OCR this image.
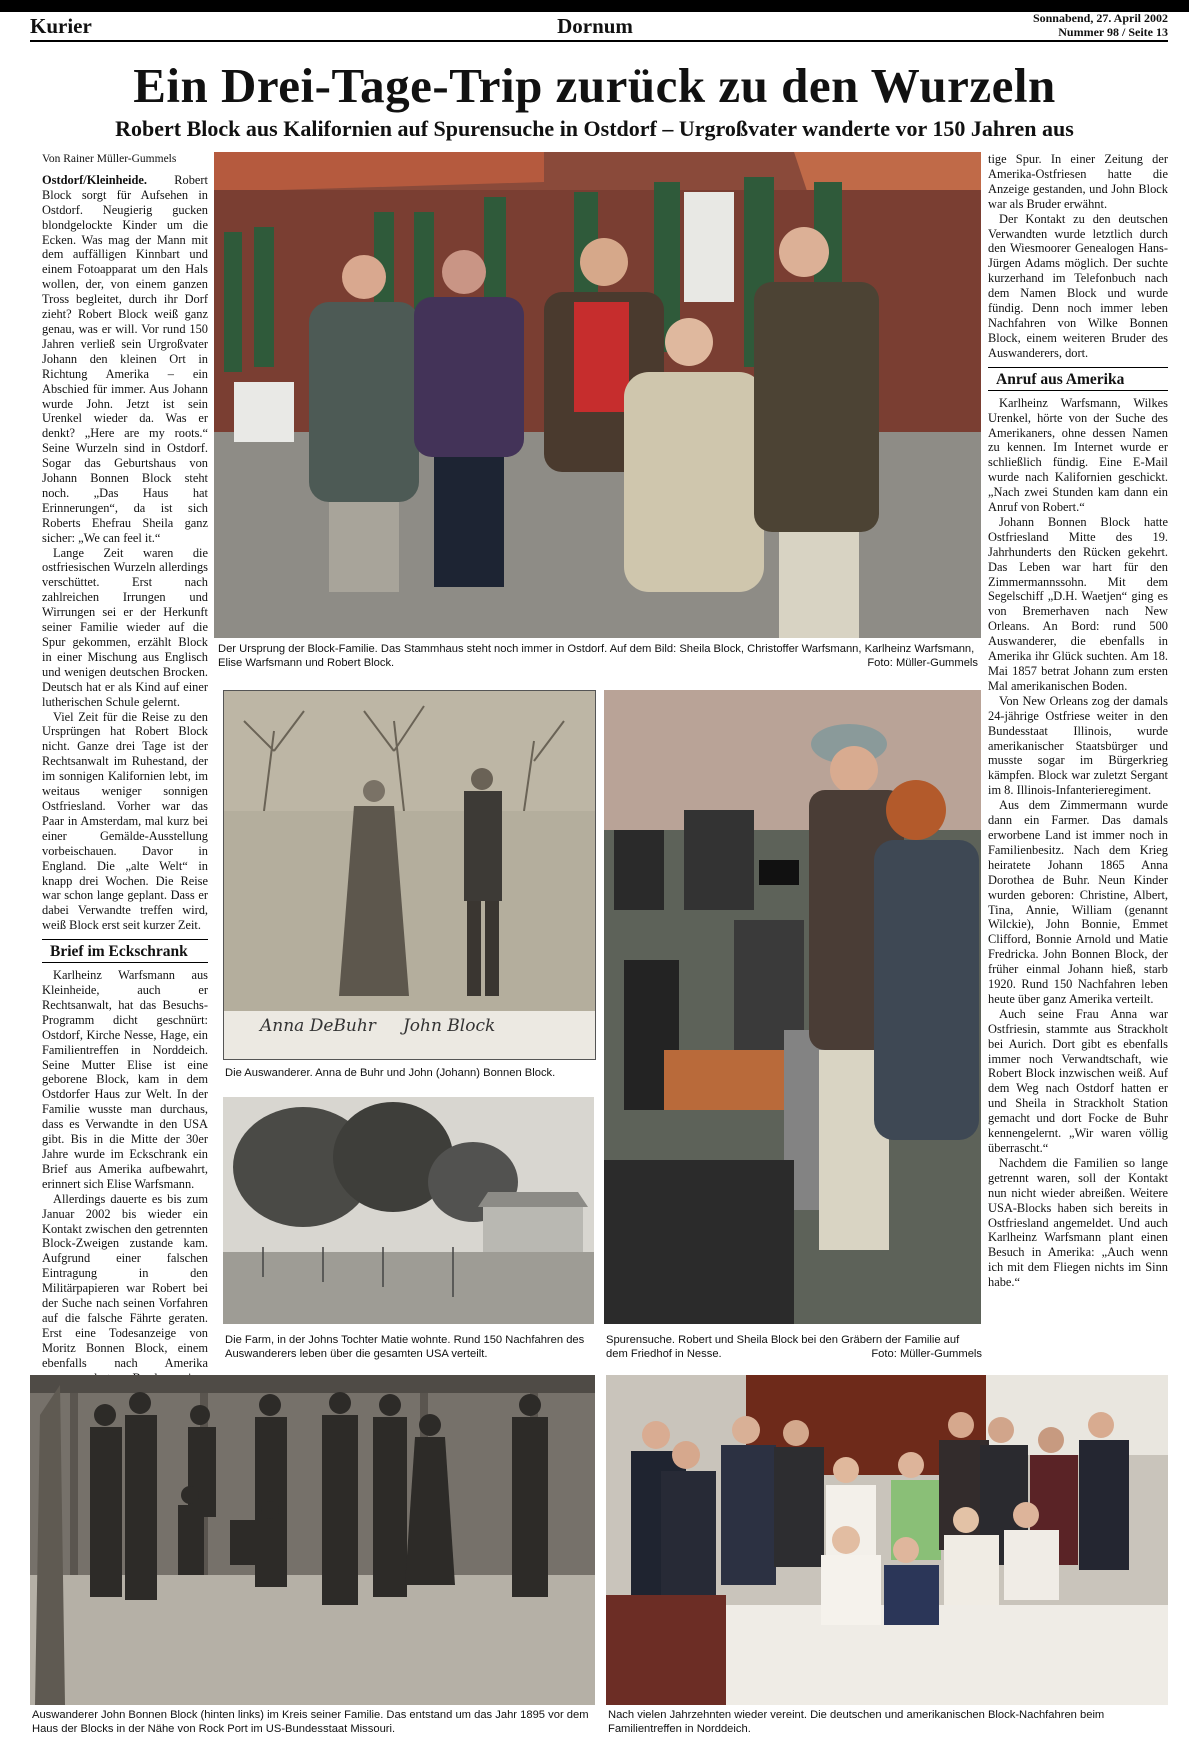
Kurier	Dornum	Sonnabend, 27. April 2002
Nummer 98 / Seite 13
Ein Drei-Tage-Trip zurück zu den Wurzeln
Robert Block aus Kalifornien auf Spurensuche in Ostdorf – Urgroßvater wanderte vor 150 Jahren aus

Von Rainer Müller-Gummels

Ostdorf/Kleinheide. Robert Block sorgt für Aufsehen in Ostdorf. Neugierig gucken blondgelockte Kinder um die Ecken. Was mag der Mann mit dem auffälligen Kinnbart und einem Fotoapparat um den Hals wollen, der, von einem ganzen Tross begleitet, durch ihr Dorf zieht? Robert Block weiß ganz genau, was er will. Vor rund 150 Jahren verließ sein Urgroßvater Johann den kleinen Ort in Richtung Amerika – ein Abschied für immer. Aus Johann wurde John. Jetzt ist sein Urenkel wieder da. Was er denkt? „Here are my roots.“ Seine Wurzeln sind in Ostdorf. Sogar das Geburtshaus von Johann Bonnen Block steht noch. „Das Haus hat Erinnerungen“, da ist sich Roberts Ehefrau Sheila ganz sicher: „We can feel it.“

Lange Zeit waren die ostfriesischen Wurzeln allerdings verschüttet. Erst nach zahlreichen Irrungen und Wirrungen sei er der Herkunft seiner Familie wieder auf die Spur gekommen, erzählt Block in einer Mischung aus Englisch und wenigen deutschen Brocken. Deutsch hat er als Kind auf einer lutherischen Schule gelernt.

Viel Zeit für die Reise zu den Ursprüngen hat Robert Block nicht. Ganze drei Tage ist der Rechtsanwalt im Ruhestand, der im sonnigen Kalifornien lebt, im weitaus weniger sonnigen Ostfriesland. Vorher war das Paar in Amsterdam, mal kurz bei einer Gemälde-Ausstellung vorbeischauen. Davor in England. Die „alte Welt“ in knapp drei Wochen. Die Reise war schon lange geplant. Dass er dabei Verwandte treffen wird, weiß Block erst seit kurzer Zeit.

Brief im Eckschrank

Karlheinz Warfsmann aus Kleinheide, auch er Rechtsanwalt, hat das Besuchs-Programm dicht geschnürt: Ostdorf, Kirche Nesse, Hage, ein Familientreffen in Norddeich. Seine Mutter Elise ist eine geborene Block, kam in dem Ostdorfer Haus zur Welt. In der Familie wusste man durchaus, dass es Verwandte in den USA gibt. Bis in die Mitte der 30er Jahre wurde im Eckschrank ein Brief aus Amerika aufbewahrt, erinnert sich Elise Warfsmann.

Allerdings dauerte es bis zum Januar 2002 bis wieder ein Kontakt zwischen den getrennten Block-Zweigen zustande kam. Aufgrund einer falschen Eintragung in den Militärpapieren war Robert bei der Suche nach seinen Vorfahren auf die falsche Fährte geraten. Erst eine Todesanzeige von Moritz Bonnen Block, einem ebenfalls nach Amerika

tige Spur. In einer Zeitung der Amerika-Ostfriesen hatte die Anzeige gestanden, und John Block war als Bruder erwähnt.

Der Kontakt zu den deutschen Verwandten wurde letztlich durch den Wiesmoorer Genealogen Hans-Jürgen Adams möglich. Der suchte kurzerhand im Telefonbuch nach dem Namen Block und wurde fündig. Denn noch immer leben Nachfahren von Wilke Bonnen Block, einem weiteren Bruder des Auswanderers, dort.

Anruf aus Amerika

Karlheinz Warfsmann, Wilkes Urenkel, hörte von der Suche des Amerikaners, ohne dessen Namen zu kennen. Im Internet wurde er schließlich fündig. Eine E-Mail wurde nach Kalifornien geschickt. „Nach zwei Stunden kam dann ein Anruf von Robert.“

Johann Bonnen Block hatte Ostfriesland Mitte des 19. Jahrhunderts den Rücken gekehrt. Das Leben war hart für den Zimmermannssohn. Mit dem Segelschiff „D.H. Waetjen“ ging es von Bremerhaven nach New Orleans. An Bord: rund 500 Auswanderer, die ebenfalls in Amerika ihr Glück suchten. Am 18. Mai 1857 betrat Johann zum ersten Mal amerikanischen Boden.

Von New Orleans zog der damals 24-jährige Ostfriese weiter in den Bundesstaat Illinois, wurde amerikanischer Staatsbürger und musste sogar im Bürgerkrieg kämpfen. Block war zuletzt Sergant im 8. Illinois-Infanterieregiment.

Aus dem Zimmermann wurde dann ein Farmer. Das damals erworbene Land ist immer noch in Familienbesitz. Nach dem Krieg heiratete Johann 1865 Anna Dorothea de Buhr. Neun Kinder wurden geboren: Christine, Albert, Tina, Annie, William (genannt Wilckie), John Bonnie, Emmet Clifford, Bonnie Arnold und Matie Fredricka. John Bonnen Block, der früher einmal Johann hieß, starb 1920. Rund 150 Nachfahren leben heute über ganz Amerika verteilt.

Auch seine Frau Anna war Ostfriesin, stammte aus Strackholt bei Aurich. Dort gibt es ebenfalls immer noch Verwandtschaft, wie Robert Block inzwischen weiß. Auf dem Weg nach Ostdorf hatten er und Sheila in Strackholt Station gemacht und dort Focke de Buhr kennengelernt. „Wir waren völlig überrascht.“

Nachdem die Familien so lange getrennt waren, soll der Kontakt nun nicht wieder abreißen. Weitere USA-Blocks haben sich bereits in Ostfriesland angemeldet. Und auch Karlheinz Warfsmann plant einen Besuch in Amerika: „Auch wenn ich mit dem Fliegen nichts im Sinn habe.“

Foto: Müller-Gummels
Der Ursprung der Block-Familie. Das Stammhaus steht noch immer in Ostdorf. Auf dem Bild: Sheila Block, Christoffer Warfsmann, Karlheinz Warfsmann, Elise Warfsmann und Robert Block.
Anna DeBuhr     John Block
Die Auswanderer. Anna de Buhr und John (Johann) Bonnen Block.
Die Farm, in der Johns Tochter Matie wohnte. Rund 150 Nachfahren des Auswanderers leben über die gesamten USA verteilt.	Foto: Müller-Gummels
Spurensuche. Robert und Sheila Block bei den Gräbern der Familie auf dem Friedhof in Nesse.
Auswanderer John Bonnen Block (hinten links) im Kreis seiner Familie. Das entstand um das Jahr 1895 vor dem Haus der Blocks in der Nähe von Rock Port im US-Bundesstaat Missouri.
Nach vielen Jahrzehnten wieder vereint. Die deutschen und amerikanischen Block-Nachfahren beim Familientreffen in Norddeich.
